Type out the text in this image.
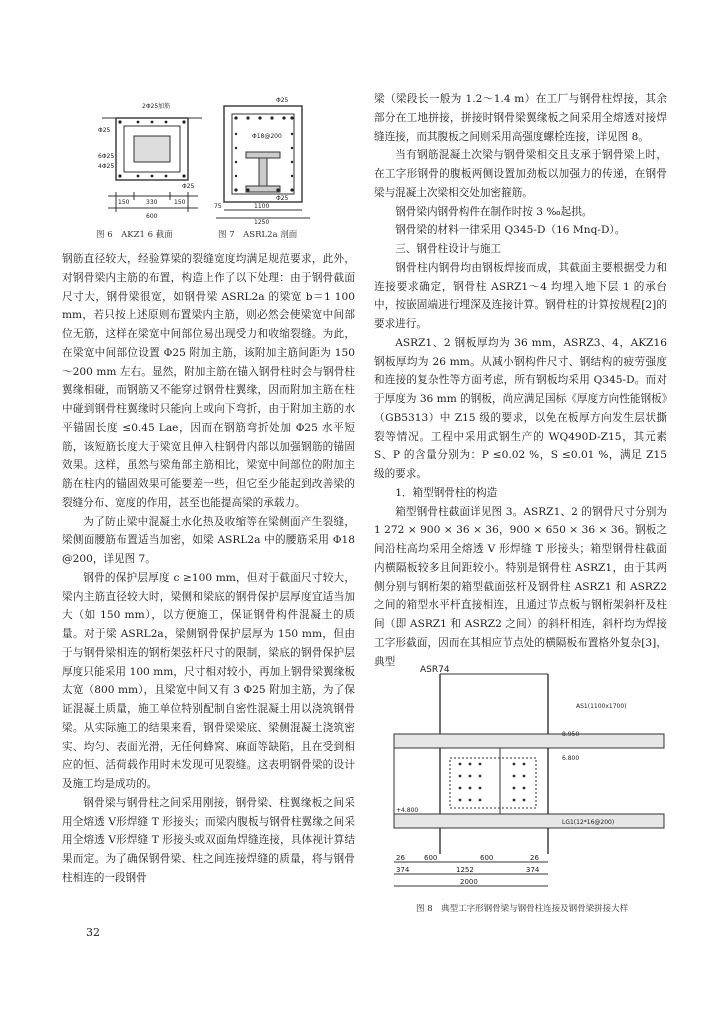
2Φ25加筋
Φ25
6Φ25
4Φ25
Φ25
150	330	150
600
Φ18@200
Φ25
Φ25
75	1100
1250
图 6　AKZ1 6 截面	图 7　ASRL2a 剖面

钢筋直径较大，经验算梁的裂缝宽度均满足规范要求，此外，对钢骨梁内主筋的布置，构造上作了以下处理：由于钢骨截面尺寸大，钢骨梁很宽，如钢骨梁 ASRL2a 的梁宽 b＝1 100 mm，若只按上述原则布置梁内主筋，则必然会使梁宽中间部位无筋，这样在梁宽中间部位易出现受力和收缩裂缝。为此，在梁宽中间部位设置 Φ25 附加主筋，该附加主筋间距为 150～200 mm 左右。显然，附加主筋在锚入钢骨柱时会与钢骨柱翼缘相碰，而钢筋又不能穿过钢骨柱翼缘，因而附加主筋在柱中碰到钢骨柱翼缘时只能向上或向下弯折，由于附加主筋的水平锚固长度 ≤0.45 Lae，因而在钢筋弯折处加 Φ25 水平短筋，该短筋长度大于梁宽且伸入柱钢骨内部以加强钢筋的锚固效果。这样，虽然与梁角部主筋相比，梁宽中间部位的附加主筋在柱内的锚固效果可能要差一些，但它至少能起到改善梁的裂缝分布、宽度的作用，甚至也能提高梁的承载力。

为了防止梁中混凝土水化热及收缩等在梁侧面产生裂缝，梁侧面腰筋布置适当加密，如梁 ASRL2a 中的腰筋采用 Φ18 @200，详见图 7。

钢骨的保护层厚度 c ≥100 mm，但对于截面尺寸较大，梁内主筋直径较大时，梁侧和梁底的钢骨保护层厚度宜适当加大（如 150 mm），以方便施工，保证钢骨构件混凝土的质量。对于梁 ASRL2a，梁侧钢骨保护层厚为 150 mm，但由于与钢骨梁相连的钢桁架弦杆尺寸的限制，梁底的钢骨保护层厚度只能采用 100 mm，尺寸相对较小，再加上钢骨梁翼缘板太宽（800 mm），且梁宽中间又有 3 Φ25 附加主筋，为了保证混凝土质量，施工单位特别配制自密性混凝土用以浇筑钢骨梁。从实际施工的结果来看，钢骨梁梁底、梁侧混凝土浇筑密实、均匀、表面光滑，无任何蜂窝、麻面等缺陷，且在受到相应的恒、活荷载作用时未发现可见裂缝。这表明钢骨梁的设计及施工均是成功的。

钢骨梁与钢骨柱之间采用刚接，钢骨梁、柱翼缘板之间采用全熔透 V形焊缝 T 形接头；而梁内腹板与钢骨柱翼缘之间采用全熔透 V形焊缝 T 形接头或双面角焊缝连接，具体视计算结果而定。为了确保钢骨梁、柱之间连接焊缝的质量，将与钢骨柱相连的一段钢骨

梁（梁段长一般为 1.2～1.4 m）在工厂与钢骨柱焊接，其余部分在工地拼接，拼接时钢骨梁翼缘板之间采用全熔透对接焊缝连接，而其腹板之间则采用高强度螺栓连接，详见图 8。

当有钢筋混凝土次梁与钢骨梁相交且支承于钢骨梁上时，在工字形钢骨的腹板两侧设置加劲板以加强力的传递，在钢骨梁与混凝土次梁相交处加密箍筋。

钢骨梁内钢骨构件在制作时按 3 ‰起拱。

钢骨梁的材料一律采用 Q345-D（16 Mnq-D）。

三、钢骨柱设计与施工

钢骨柱内钢骨均由钢板焊接而成，其截面主要根据受力和连接要求确定，钢骨柱 ASRZ1～4 均埋入地下层 1 的承台中，按嵌固端进行埋深及连接计算。钢骨柱的计算按规程[2]的要求进行。

ASRZ1、2 钢板厚均为 36 mm，ASRZ3、4，AKZ16 钢板厚均为 26 mm。从减小钢构件尺寸、钢结构的疲劳强度和连接的复杂性等方面考虑，所有钢板均采用 Q345-D。而对于厚度为 36 mm 的钢板，尚应满足国标《厚度方向性能钢板》（GB5313）中 Z15 级的要求，以免在板厚方向发生层状撕裂等情况。工程中采用武钢生产的 WQ490D-Z15，其元素 S、P 的含量分别为：P ≤0.02 %，S ≤0.01 %，满足 Z15 级的要求。

1．箱型钢骨柱的构造

箱型钢骨柱截面详见图 3。ASRZ1、2 的钢骨尺寸分别为 1 272 × 900 × 36 × 36，900 × 650 × 36 × 36。钢板之间沿柱高均采用全熔透 V 形焊缝 T 形接头；箱型钢骨柱截面内横隔板较多且间距较小。特别是钢骨柱 ASRZ1，由于其两侧分别与钢桁架的箱型截面弦杆及钢骨柱 ASRZ1 和 ASRZ2 之间的箱型水平杆直接相连，且通过节点板与钢桁架斜杆及柱间（即 ASRZ1 和 ASRZ2 之间）的斜杆相连，斜杆均为焊接工字形截面，因而在其相应节点处的横隔板布置格外复杂[3]，典型

ASR74
AS1(1100x1700)
8.950
6.800
+4.800
LG1(12*16@200)
26	600	600	26
374	1252	374
2000
图 8　典型工字形钢骨梁与钢骨柱连接及钢骨梁拼接大样
32
